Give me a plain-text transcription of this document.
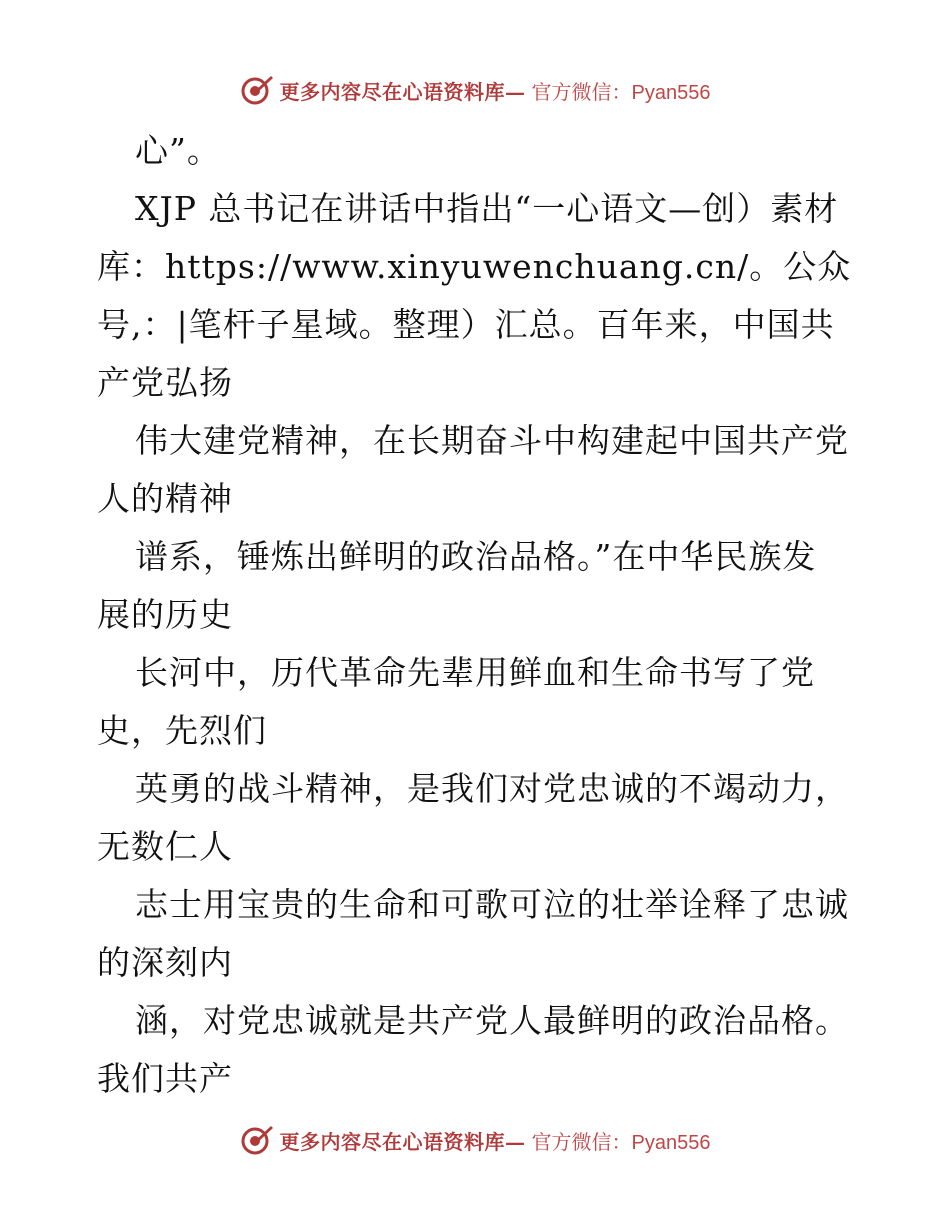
更多内容尽在心语资料库— 官方微信：Pyan556
心”。
XJP 总书记在讲话中指出“一心语文—创）素材
库：https://www.xinyuwenchuang.cn/。公众
号,：|笔杆子星域。整理）汇总。百年来，中国共
产党弘扬
伟大建党精神，在长期奋斗中构建起中国共产党
人的精神
谱系，锤炼出鲜明的政治品格。”在中华民族发
展的历史
长河中，历代革命先辈用鲜血和生命书写了党
史，先烈们
英勇的战斗精神，是我们对党忠诚的不竭动力，
无数仁人
志士用宝贵的生命和可歌可泣的壮举诠释了忠诚
的深刻内
涵，对党忠诚就是共产党人最鲜明的政治品格。
我们共产
更多内容尽在心语资料库— 官方微信：Pyan556
